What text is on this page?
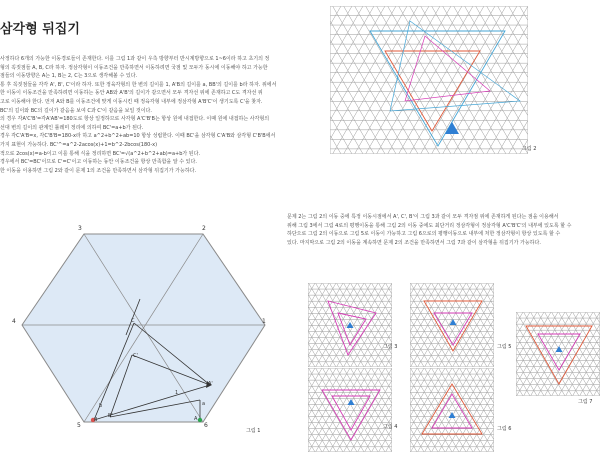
삼각형 뒤집기

사정하다 6개의 가능한 이동경로들이 존재한다. 이를 그림 1과 같이 우측 방향부터 반시계방향으로 1~6이라 하고 초기의 정

형의 꼭짓점들 A, B, C라 하자. 정삼각형이 이동조건을 만족하면서 이동하려면 국점 및 모두가 동시에 이동해야 하고 가능한

점들의 이동방향은 A는 1, B는 2, C는 3으로 생각해볼 수 있다.

통 후 꼭짓점들을 각각 A', B', C'이라 하자. 또한 정육각형의 한 변의 길이를 1, A'B의 길이를 a, BB'의 길이를 b라 하자. 위에서

한 이동이 이동조건을 만족하려면 이동하는 동안 AB와 A'B'의 길이가 같으면서 모두 격자선 위에 존재하고 C도 격자선 위

고로 이동해야 한다. 먼저 A와 B를 이동조건에 맞게 이동시킨 때 정육각형 내부에 정삼각형 A'B'C'이 생기도록 C'을 찾자.

BC'의 길이와 BC의 길이가 같음을 보여 C과 C'이 같음을 보일 것이다.

의 경우 각A'C'B'=각A'AB'=180도로 항상 일정하므로 사각형 A'C'B'B는 항상 원에 내접한다. 이때 원에 내접하는 사각형의

선대 변의 길이의 관계인 톨레미 정리에 의하여 BC'=a+b가 된다.

경우 각C'A'B=x, 각C'B'B=180-x라 하고 a^2+b^2+ab=10 항상 성립한다. 이때 BC'을 삼각형 C'A'B와 삼각형 C'B'B에서

가지 표현이 가능하다. BC'^=a^2-2acos(x)+1=b^2-2bcos(180-x)

적으로 2cos(x)=a-b이고 이를 통해 식을 정리하면 BC'=√(a^2+b^2+ab)=a+b가 된다.

경우에서 BC'=BC'이므로 C'=C'이고 이동하는 동안 이동조건을 항상 만족함을 알 수 있다.

한 이동을 이용하면 그림 2와 같이 문제 1의 조건을 만족하면서 삼각형 뒤집기가 가능하다.

문제 2는 그림 2의 이동 중에 특정 이동시점에서 A', C', B'이 그림 3과 같이 모두 격자점 위에 존재하게 된다는 점을 이용해서

위해 그림 3에서 그림 4로의 평행이동을 통해 그림 2의 이동 중에도 최단거리 정삼각형이 정삼각형 A'C'B'C'의 내부에 있도록 할 수

하단으로 그림 2의 이동으로 그림 5로 이동이 가능하고 그림 6으로의 평행이동으로 내부에 처한 정삼각형이 항상 있도록 할 수

있다. 마지막으로 그림 2의 이동을 계속하면 문제 2의 조건을 만족하면서 그림 7과 같이 삼각형을 뒤집기가 가능하다.

3	2
4	1
5	6
C
A'
B
B'	A
C'
a
b
1
그림 1
그림 2
그림 3
그림 4
그림 5
그림 6
그림 7
